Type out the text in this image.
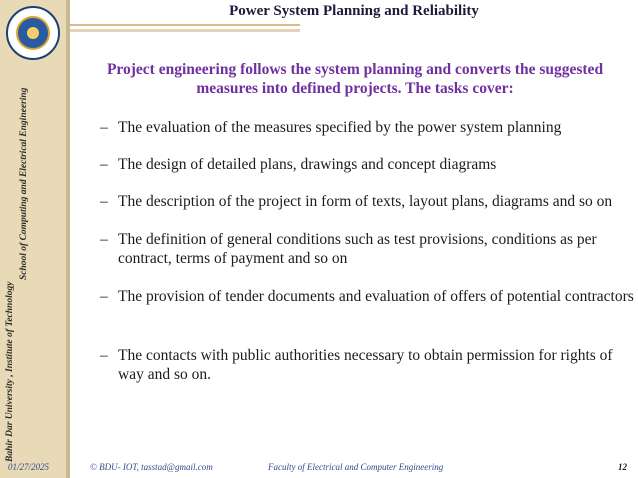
Bahir Dar University , Institute of Technology
School of Computing and Electrical Engineering
Power System Planning and Reliability
Project engineering follows the system planning and converts the suggested measures into defined projects. The tasks cover:
– The evaluation of the measures specified by the power system planning
– The design of detailed plans, drawings and concept diagrams
– The description of the project in form of texts, layout plans, diagrams and so on
– The definition of general conditions such as test provisions, conditions as per contract, terms of payment and so on
– The provision of tender documents and evaluation of offers of potential contractors
– The contacts with public authorities necessary to obtain permission for rights of way and so on.
01/27/2025	© BDU- IOT, tasstad@gmail.com	Faculty of Electrical and Computer Engineering	12
